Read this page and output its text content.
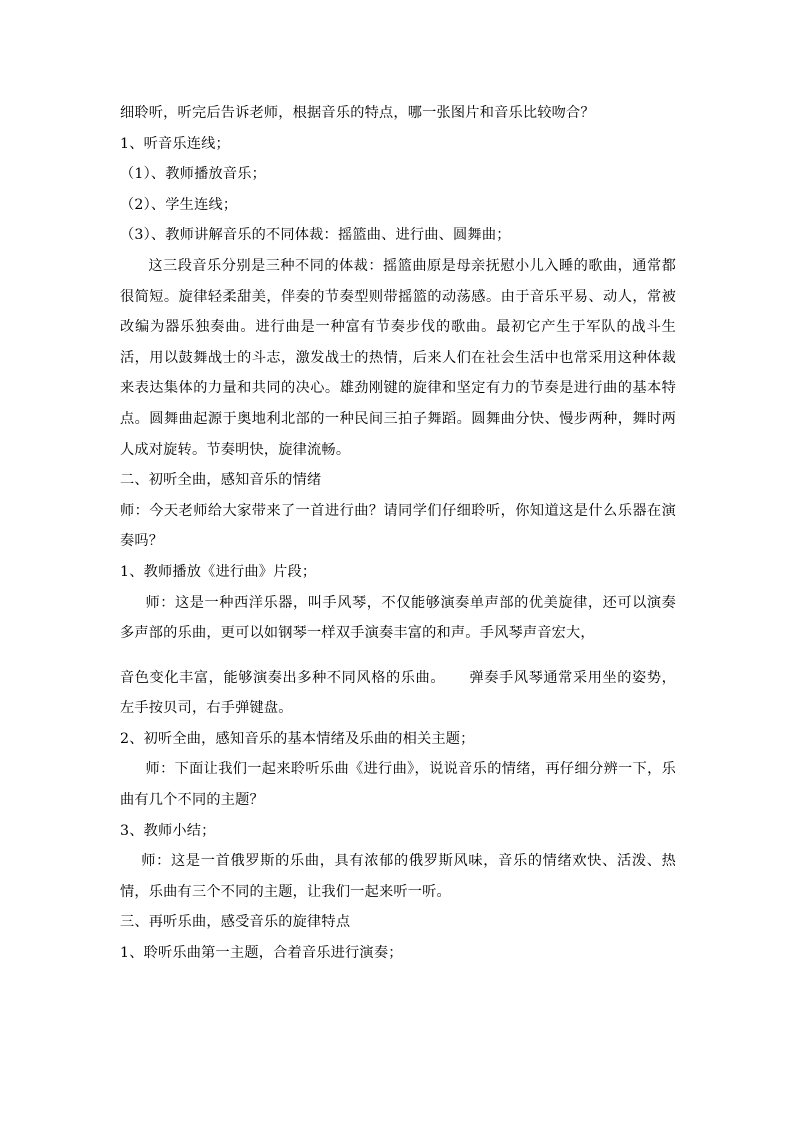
细聆听，听完后告诉老师，根据音乐的特点，哪一张图片和音乐比较吻合？
1、听音乐连线；
（1）、教师播放音乐；
（2）、学生连线；
（3）、教师讲解音乐的不同体裁：摇篮曲、进行曲、圆舞曲；
这三段音乐分别是三种不同的体裁：摇篮曲原是母亲抚慰小儿入睡的歌曲，通常都很简短。旋律轻柔甜美，伴奏的节奏型则带摇篮的动荡感。由于音乐平易、动人，常被改编为器乐独奏曲。进行曲是一种富有节奏步伐的歌曲。最初它产生于军队的战斗生活，用以鼓舞战士的斗志，激发战士的热情，后来人们在社会生活中也常采用这种体裁来表达集体的力量和共同的决心。雄劲刚键的旋律和坚定有力的节奏是进行曲的基本特点。圆舞曲起源于奥地利北部的一种民间三拍子舞蹈。圆舞曲分快、慢步两种，舞时两人成对旋转。节奏明快，旋律流畅。
二、初听全曲，感知音乐的情绪
师：今天老师给大家带来了一首进行曲？请同学们仔细聆听，你知道这是什么乐器在演奏吗？
1、教师播放《进行曲》片段；
师：这是一种西洋乐器，叫手风琴，不仅能够演奏单声部的优美旋律，还可以演奏多声部的乐曲，更可以如钢琴一样双手演奏丰富的和声。手风琴声音宏大，
音色变化丰富，能够演奏出多种不同风格的乐曲。 弹奏手风琴通常采用坐的姿势，左手按贝司，右手弹键盘。
2、初听全曲，感知音乐的基本情绪及乐曲的相关主题；
师：下面让我们一起来聆听乐曲《进行曲》，说说音乐的情绪，再仔细分辨一下，乐曲有几个不同的主题？
3、教师小结；
师：这是一首俄罗斯的乐曲，具有浓郁的俄罗斯风味，音乐的情绪欢快、活泼、热情，乐曲有三个不同的主题，让我们一起来听一听。
三、再听乐曲，感受音乐的旋律特点
1、聆听乐曲第一主题，合着音乐进行演奏；
